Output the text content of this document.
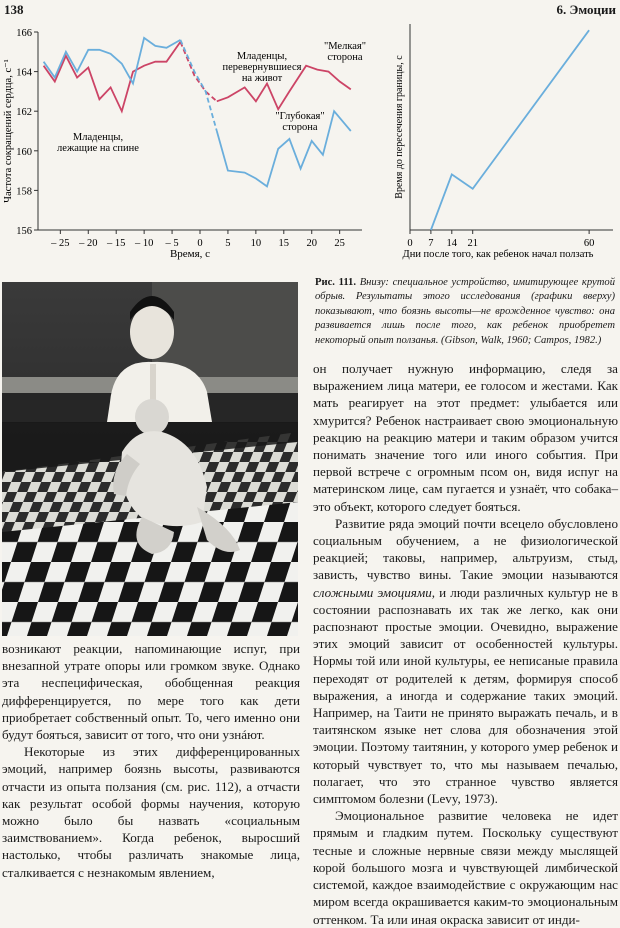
138	6. Эмоции
156
158
160
162
164
166
– 25 – 20 – 15 – 10 – 5 0 5 10 15 20 25
Время, с
Частота сокращений сердца, с⁻¹	Младенцы,
лежащие на спине
Младенцы,
перевернувшиеся
на живот
"Мелкая"
сторона
"Глубокая"
сторона
0 7 14 21	60
Дни после того, как ребенок начал ползать
Время до пересечения границы, с
Рис. 111. Внизу: специальное устройство, имитирующее крутой обрыв. Результаты этого исследования (графики вверху) показывают, что боязнь высоты—не врожденное чувство: она развивается лишь после того, как ребенок приобретет некоторый опыт ползанья. (Gibson, Walk, 1960; Campos, 1982.)

он получает нужную информацию, следя за выражением лица матери, ее голосом и жестами. Как мать реагирует на этот предмет: улыбается или хмурится? Ребенок настраивает свою эмоциональную реакцию на реакцию матери и таким образом учится понимать значение того или иного события. При первой встрече с огромным псом он, видя испуг на материнском лице, сам пугается и узнаёт, что собака–это объект, которого следует бояться.

Развитие ряда эмоций почти всецело обусловлено социальным обучением, а не физиологической реакцией; таковы, например, альтруизм, стыд, зависть, чувство вины. Такие эмоции называются сложными эмоциями, и люди различных культур не в состоянии распознавать их так же легко, как они распознают простые эмоции. Очевидно, выражение этих эмоций зависит от особенностей культуры. Нормы той или иной культуры, ее неписаные правила переходят от родителей к детям, формируя способ выражения, а иногда и содержание таких эмоций. Например, на Таити не принято выражать печаль, и в таитянском языке нет слова для обозначения этой эмоции. Поэтому таитянин, у которого умер ребенок и который чувствует то, что мы называем печалью, полагает, что это странное чувство является симптомом болезни (Levy, 1973).

Эмоциональное развитие человека не идет прямым и гладким путем. Поскольку существуют тесные и сложные нервные связи между мыслящей корой большого мозга и чувствующей лимбической системой, каждое взаимодействие с окружающим нас миром всегда окрашивается каким-то эмоциональным оттенком. Та или иная окраска зависит от инди-

возникают реакции, напоминающие испуг, при внезапной утрате опоры или громком звуке. Однако эта неспецифическая, обобщенная реакция дифференцируется, по мере того как дети приобретает собственный опыт. То, чего именно они будут бояться, зависит от того, что они узнáют.

Некоторые из этих дифференцированных эмоций, например боязнь высоты, развиваются отчасти из опыта ползания (см. рис. 112), а отчасти как результат особой формы научения, которую можно было бы назвать «социальным заимствованием». Когда ребенок, выросший настолько, чтобы различать знакомые лица, сталкивается с незнакомым явлением,
